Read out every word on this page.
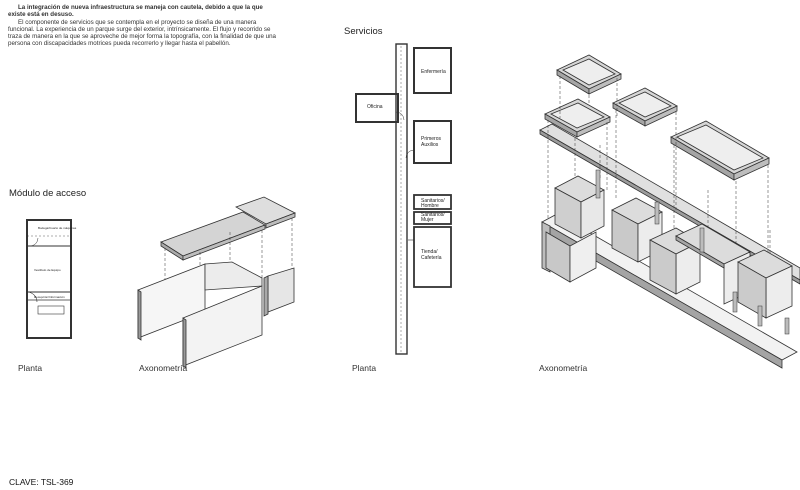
La integración de nueva infraestructura se maneja con cautela, debido a que la que existe está en desuso.
El componente de servicios que se contempla en el proyecto se diseña de una manera funcional. La experiencia de un parque surge del exterior, intrínsicamente. El flujo y recorrido se traza de manera en la que se aproveche de mejor forma la topografía, con la finalidad de que una persona con discapacidades motrices pueda recorrerlo y llegar hasta el pabellón.
Servicios
Módulo de acceso
Bodega/Cuarto de máquinas
Vestíbulo de Equipo
Recepción/Información
Oficina
Enfermería
Primeros
Auxilios
Sanitarios/
Hombre
Sanitarios/
Mujer
Tienda/
Cafetería
Planta	Axonometría	Planta	Axonometría
CLAVE: TSL-369
